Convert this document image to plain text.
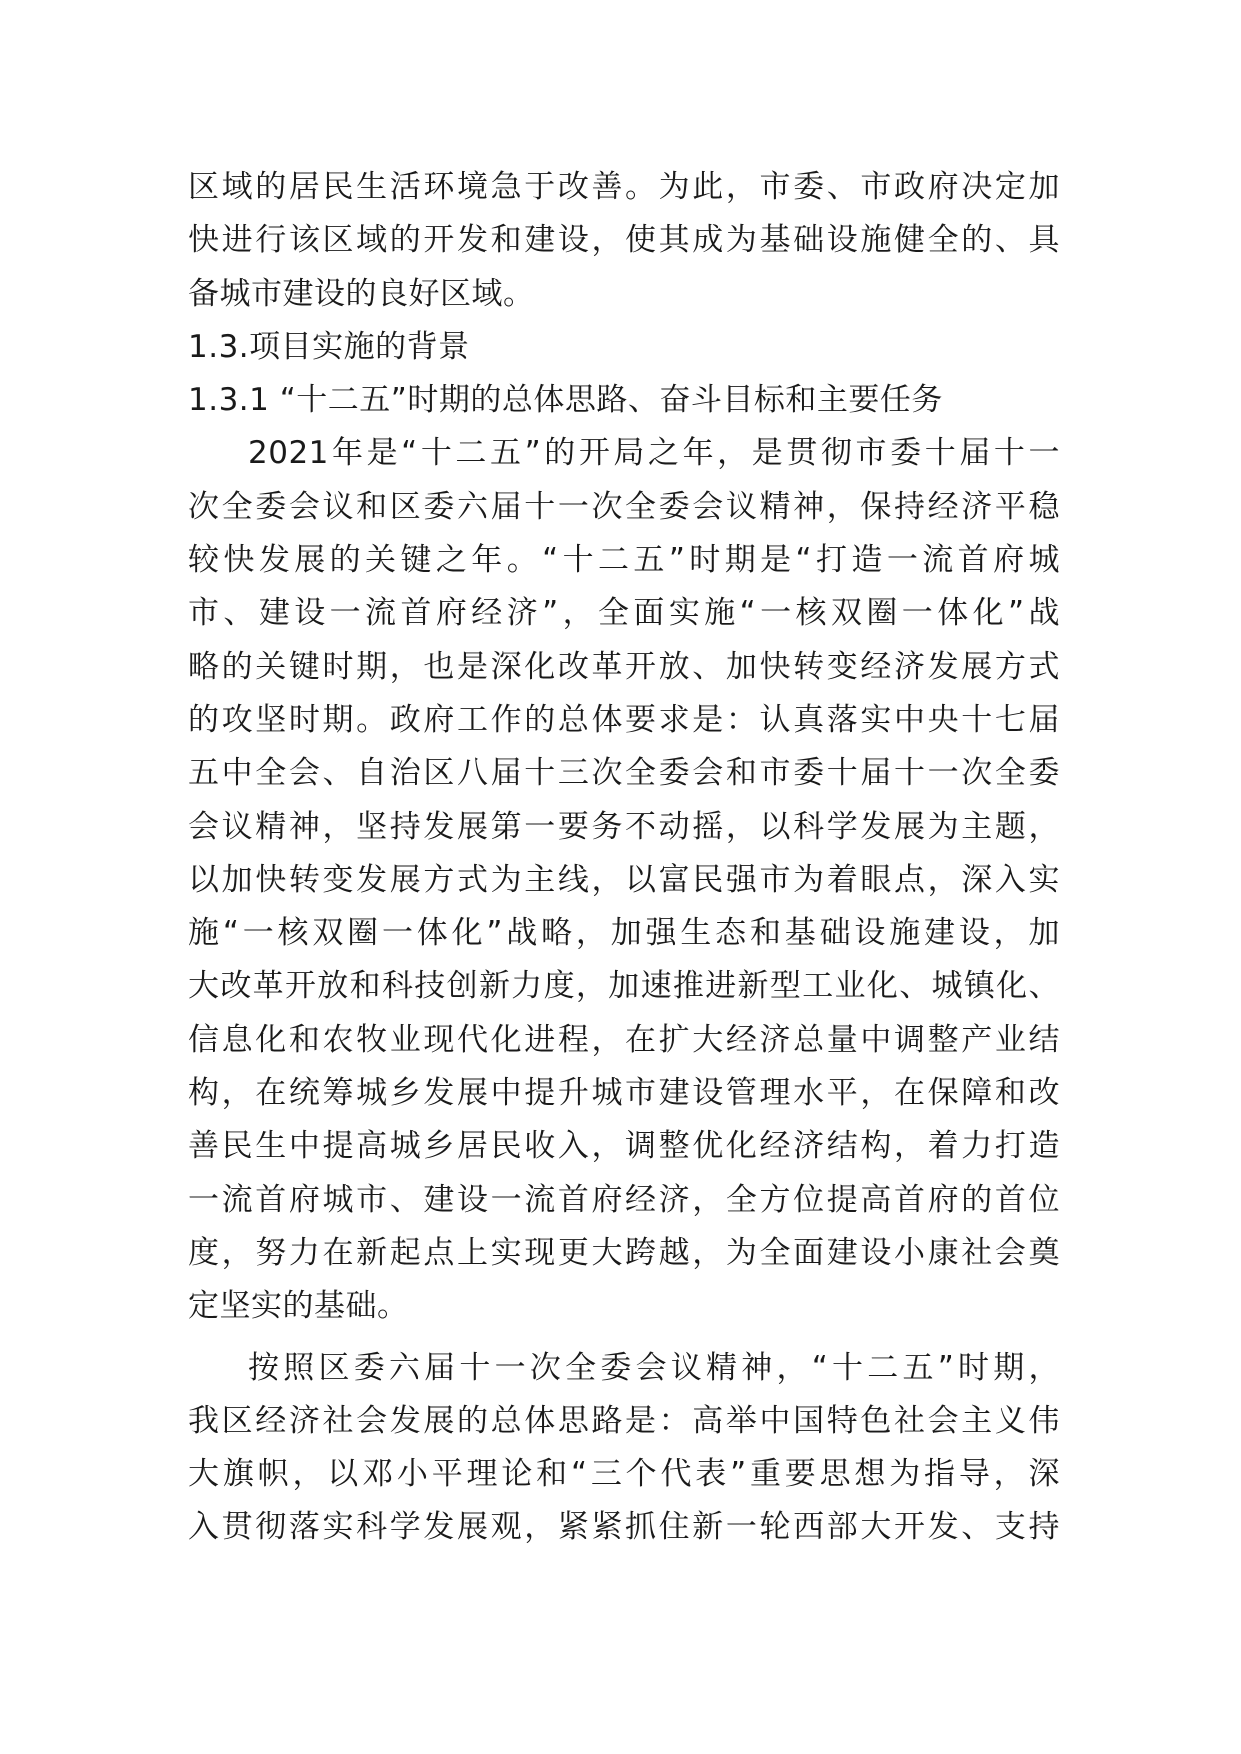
区域的居民生活环境急于改善。为此，市委、市政府决定加
快进行该区域的开发和建设，使其成为基础设施健全的、具
备城市建设的良好区域。
1.3.项目实施的背景
1.3.1 “十二五”时期的总体思路、奋斗目标和主要任务
2021年是“十二五”的开局之年，是贯彻市委十届十一
次全委会议和区委六届十一次全委会议精神，保持经济平稳
较快发展的关键之年。“十二五”时期是“打造一流首府城
市、建设一流首府经济”，全面实施“一核双圈一体化”战
略的关键时期，也是深化改革开放、加快转变经济发展方式
的攻坚时期。政府工作的总体要求是：认真落实中央十七届
五中全会、自治区八届十三次全委会和市委十届十一次全委
会议精神，坚持发展第一要务不动摇，以科学发展为主题，
以加快转变发展方式为主线，以富民强市为着眼点，深入实
施“一核双圈一体化”战略，加强生态和基础设施建设，加
大改革开放和科技创新力度，加速推进新型工业化、城镇化、
信息化和农牧业现代化进程，在扩大经济总量中调整产业结
构，在统筹城乡发展中提升城市建设管理水平，在保障和改
善民生中提高城乡居民收入，调整优化经济结构，着力打造
一流首府城市、建设一流首府经济，全方位提高首府的首位
度，努力在新起点上实现更大跨越，为全面建设小康社会奠
定坚实的基础。
按照区委六届十一次全委会议精神，“十二五”时期，
我区经济社会发展的总体思路是：高举中国特色社会主义伟
大旗帜，以邓小平理论和“三个代表”重要思想为指导，深
入贯彻落实科学发展观，紧紧抓住新一轮西部大开发、支持
